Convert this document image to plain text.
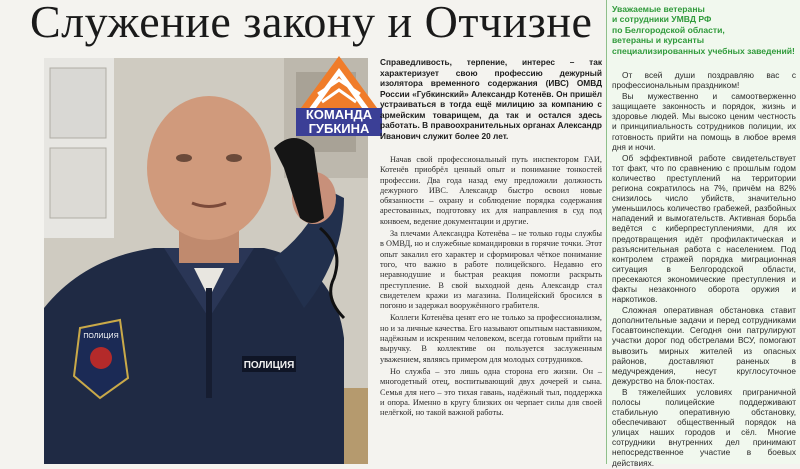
Служение закону и Отчизне
ПОЛИЦИЯ
ПОЛИЦИЯ
КОМАНДА
ГУБКИНА

Справедливость, терпение, интерес – так характеризует свою профессию дежурный изолятора временного содержания (ИВС) ОМВД России «Губкинский» Александр Котенёв. Он пришёл устраиваться в тогда ещё милицию за компанию с армейским товарищем, да так и остался здесь работать. В правоохранительных органах Александр Иванович служит более 20 лет.

Начав свой профессиональный путь инспектором ГАИ, Котенёв приобрёл ценный опыт и понимание тонкостей профессии. Два года назад ему предложили должность дежурного ИВС. Александр быстро освоил новые обязанности – охрану и соблюдение порядка содержания арестованных, подготовку их для направления в суд под конвоем, ведение документации и другие.

За плечами Александра Котенёва – не только годы службы в ОМВД, но и служебные командировки в горячие точки. Этот опыт закалил его характер и сформировал чёткое понимание того, что важно в работе полицейского. Недавно его неравнодушие и быстрая реакция помогли раскрыть преступление. В свой выходной день Александр стал свидетелем кражи из магазина. Полицейский бросился в погоню и задержал вооружённого грабителя.

Коллеги Котенёва ценят его не только за профессионализм, но и за личные качества. Его называют опытным наставником, надёжным и искренним человеком, всегда готовым прийти на выручку. В коллективе он пользуется заслуженным уважением, являясь примером для молодых сотрудников.

Но служба – это лишь одна сторона его жизни. Он – многодетный отец, воспитывающий двух дочерей и сына. Семья для него – это тихая гавань, надёжный тыл, поддержка и опора. Именно в кругу близких он черпает силы для своей нелёгкой, но такой важной работы.

Уважаемые ветераны

и сотрудники УМВД РФ

по Белгородской области,

ветераны и курсанты специализированных учебных заведений!

От всей души поздравляю вас с профессиональным праздником!

Вы мужественно и самоотверженно защищаете законность и порядок, жизнь и здоровье людей. Мы высоко ценим честность и принципиальность сотрудников полиции, их готовность прийти на помощь в любое время дня и ночи.

Об эффективной работе свидетельствует тот факт, что по сравнению с прошлым годом количество преступлений на территории региона сократилось на 7%, причём на 82% снизилось число убийств, значительно уменьшилось количество грабежей, разбойных нападений и вымогательств. Активная борьба ведётся с киберпреступлениями, для их предотвращения идёт профилактическая и разъяснительная работа с населением. Под контролем стражей порядка миграционная ситуация в Белгородской области, пресекаются экономические преступления и факты незаконного оборота оружия и наркотиков.

Сложная оперативная обстановка ставит дополнительные задачи и перед сотрудниками Госавтоинспекции. Сегодня они патрулируют участки дорог под обстрелами ВСУ, помогают вывозить мирных жителей из опасных районов, доставляют раненых в медучреждения, несут круглосуточное дежурство на блок-постах.

В тяжелейших условиях приграничной полосы полицейские поддерживают стабильную оперативную обстановку, обеспечивают общественный порядок на улицах наших городов и сёл. Многие сотрудники внутренних дел принимают непосредственное участие в боевых действиях.
